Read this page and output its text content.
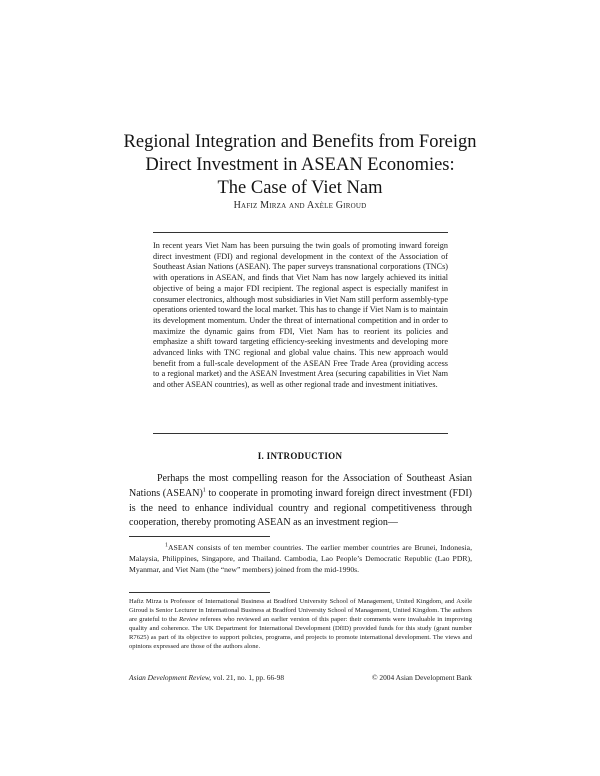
Regional Integration and Benefits from Foreign
Direct Investment in ASEAN Economies:
The Case of Viet Nam
Hafiz Mirza and Axèle Giroud
In recent years Viet Nam has been pursuing the twin goals of promoting inward foreign direct investment (FDI) and regional development in the context of the Association of Southeast Asian Nations (ASEAN). The paper surveys transnational corporations (TNCs) with operations in ASEAN, and finds that Viet Nam has now largely achieved its initial objective of being a major FDI recipient. The regional aspect is especially manifest in consumer electronics, although most subsidiaries in Viet Nam still perform assembly-type operations oriented toward the local market. This has to change if Viet Nam is to maintain its development momentum. Under the threat of international competition and in order to maximize the dynamic gains from FDI, Viet Nam has to reorient its policies and emphasize a shift toward targeting efficiency-seeking investments and developing more advanced links with TNC regional and global value chains. This new approach would benefit from a full-scale development of the ASEAN Free Trade Area (providing access to a regional market) and the ASEAN Investment Area (securing capabilities in Viet Nam and other ASEAN countries), as well as other regional trade and investment initiatives.
I. INTRODUCTION
Perhaps the most compelling reason for the Association of Southeast Asian Nations (ASEAN)$^1$ to cooperate in promoting inward foreign direct investment (FDI) is the need to enhance individual country and regional competitiveness through cooperation, thereby promoting ASEAN as an investment region—
$^1$ASEAN consists of ten member countries. The earlier member countries are Brunei, Indonesia, Malaysia, Philippines, Singapore, and Thailand. Cambodia, Lao People’s Democratic Republic (Lao PDR), Myanmar, and Viet Nam (the “new” members) joined from the mid-1990s.
Hafiz Mirza is Professor of International Business at Bradford University School of Management, United Kingdom, and Axèle Giroud is Senior Lecturer in International Business at Bradford University School of Management, United Kingdom. The authors are grateful to the Review referees who reviewed an earlier version of this paper: their comments were invaluable in improving quality and coherence. The UK Department for International Development (DfID) provided funds for this study (grant number R7625) as part of its objective to support policies, programs, and projects to promote international development. The views and opinions expressed are those of the authors alone.
Asian Development Review, vol. 21, no. 1, pp. 66-98	© 2004 Asian Development Bank
